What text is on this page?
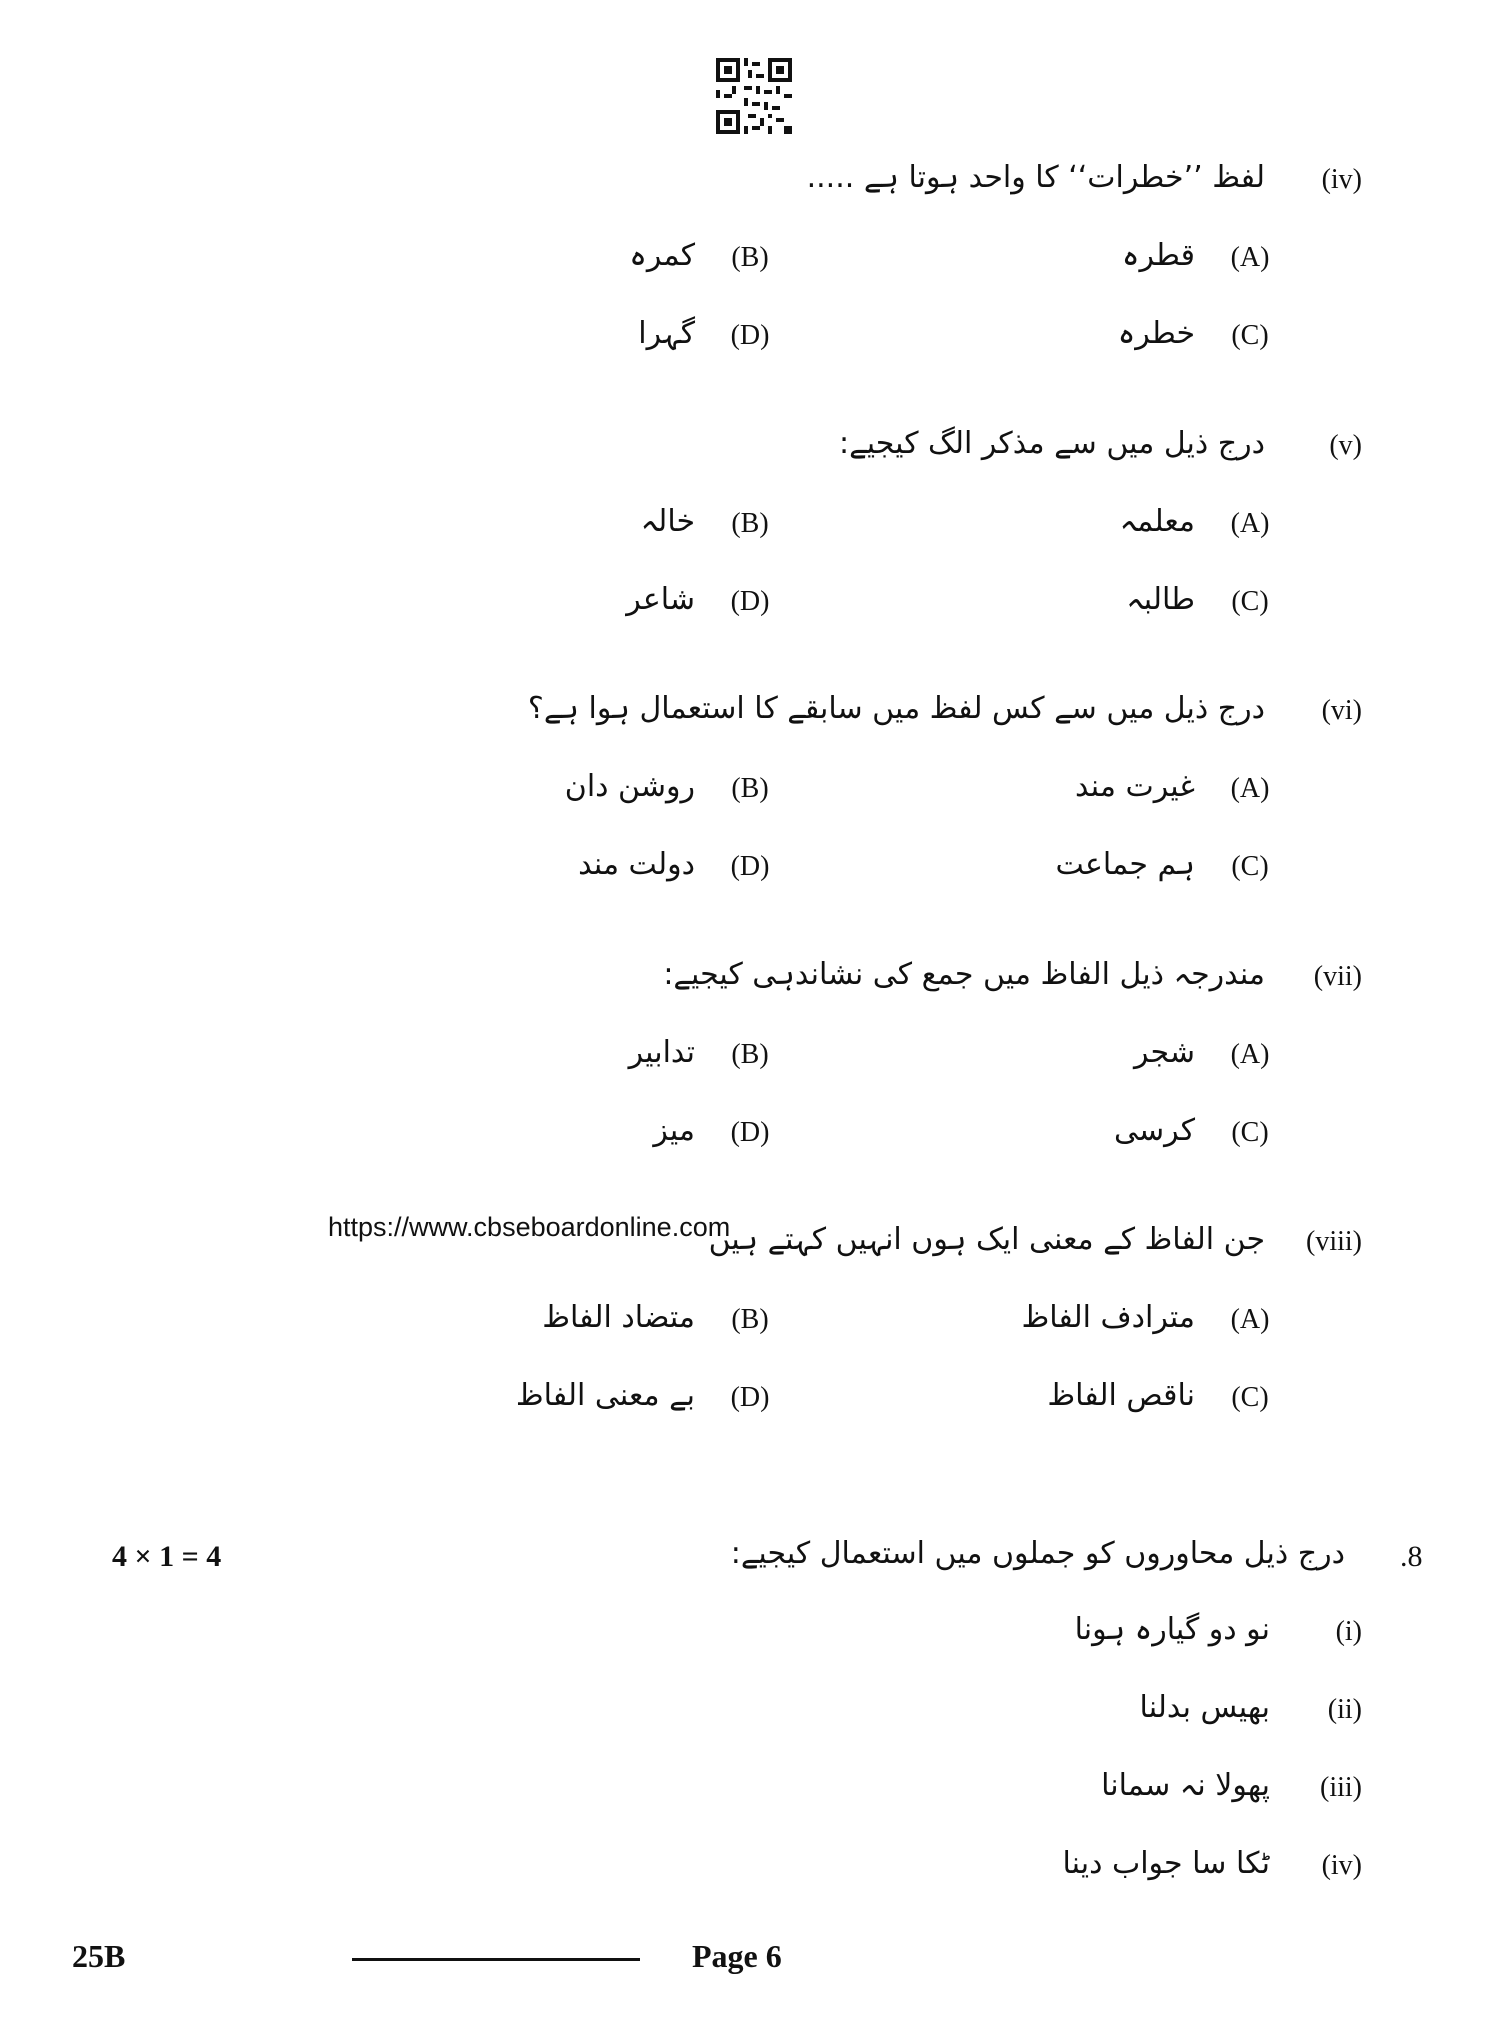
(iv)
لفظ ’’خطرات‘‘ کا واحد ہوتا ہے .....
(A)
قطرہ
(B)
کمرہ
(C)
خطرہ
(D)
گہرا
(v)
درج ذیل میں سے مذکر الگ کیجیے:
(A)
معلمہ
(B)
خالہ
(C)
طالبہ
(D)
شاعر
(vi)
درج ذیل میں سے کس لفظ میں سابقے کا استعمال ہوا ہے؟
(A)
غیرت مند
(B)
روشن دان
(C)
ہم جماعت
(D)
دولت مند
(vii)
مندرجہ ذیل الفاظ میں جمع کی نشاندہی کیجیے:
(A)
شجر
(B)
تدابیر
(C)
کرسی
(D)
میز
(viii)
جن الفاظ کے معنی ایک ہوں انہیں کہتے ہیں
https://www.cbseboardonline.com
(A)
مترادف الفاظ
(B)
متضاد الفاظ
(C)
ناقص الفاظ
(D)
بے معنی الفاظ
.8
درج ذیل محاوروں کو جملوں میں استعمال کیجیے:
4 × 1 = 4
(i)
نو دو گیارہ ہونا
(ii)
بھیس بدلنا
(iii)
پھولا نہ سمانا
(iv)
ٹکا سا جواب دینا
25B	Page 6
